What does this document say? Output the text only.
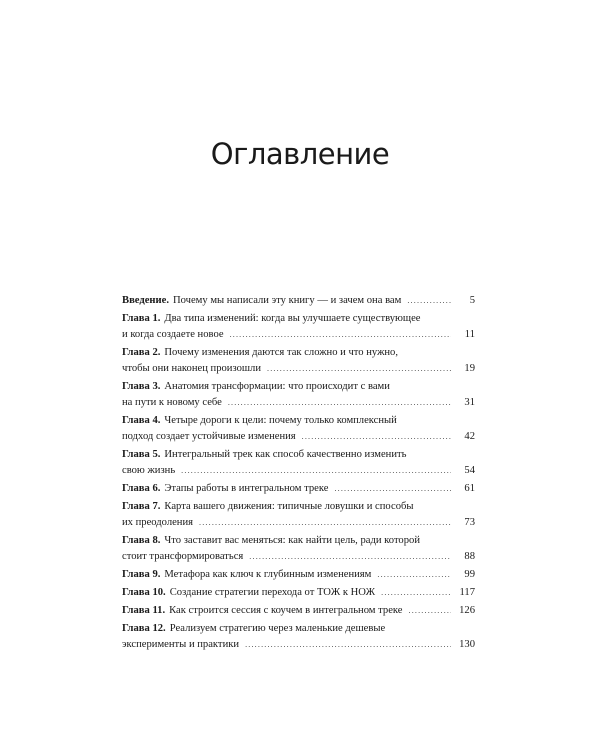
Оглавление
Введение. Почему мы написали эту книгу — и зачем она вам . . .	5
Глава 1. Два типа изменений: когда вы улучшаете существующее
и когда создаете новое . . .	11
Глава 2. Почему изменения даются так сложно и что нужно,
чтобы они наконец произошли . . .	19
Глава 3. Анатомия трансформации: что происходит с вами
на пути к новому себе . . .	31
Глава 4. Четыре дороги к цели: почему только комплексный
подход создает устойчивые изменения . . .	42
Глава 5. Интегральный трек как способ качественно изменить
свою жизнь . . .	54
Глава 6. Этапы работы в интегральном треке . . .	61
Глава 7. Карта вашего движения: типичные ловушки и способы
их преодоления . . .	73
Глава 8. Что заставит вас меняться: как найти цель, ради которой
стоит трансформироваться . . .	88
Глава 9. Метафора как ключ к глубинным изменениям . . .	99
Глава 10. Создание стратегии перехода от ТОЖ к НОЖ . . .	117
Глава 11. Как строится сессия с коучем в интегральном треке . . .	126
Глава 12. Реализуем стратегию через маленькие дешевые
эксперименты и практики . . .	130
